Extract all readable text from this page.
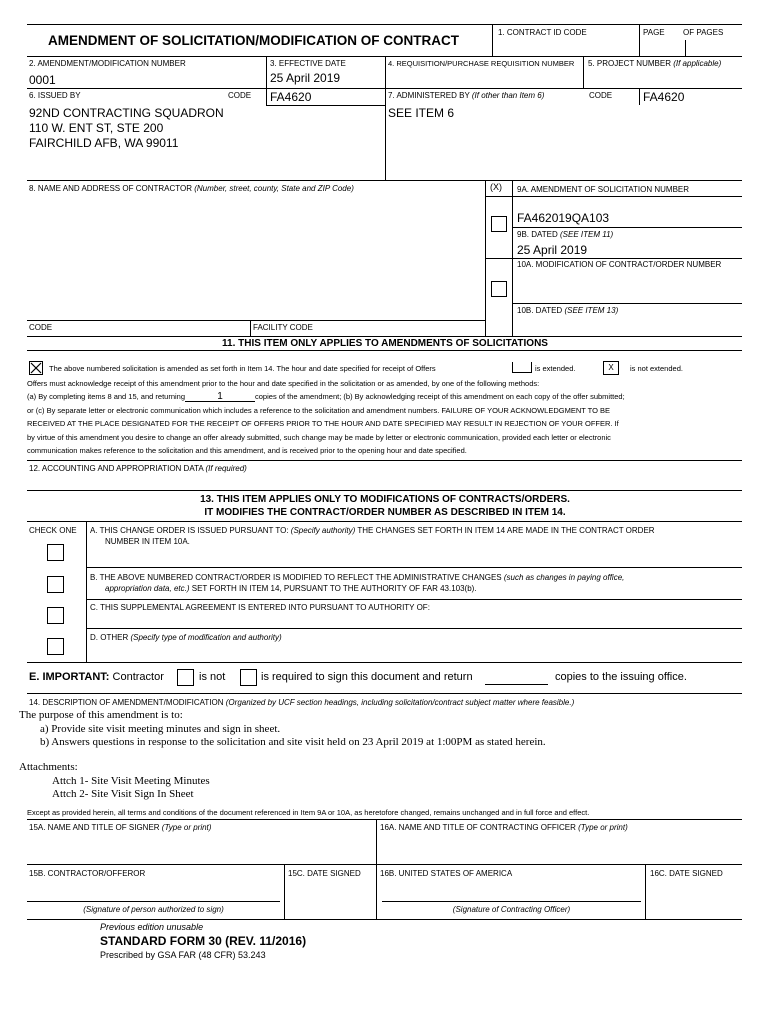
AMENDMENT OF SOLICITATION/MODIFICATION OF CONTRACT
1. CONTRACT ID CODE	PAGE OF PAGES
2. AMENDMENT/MODIFICATION NUMBER
0001
3. EFFECTIVE DATE
25 April 2019
4. REQUISITION/PURCHASE REQUISITION NUMBER 5. PROJECT NUMBER (If applicable)
6. ISSUED BY	CODE FA4620	7. ADMINISTERED BY (If other than Item 6)	CODE	FA4620
92ND CONTRACTING SQUADRON
110 W. ENT ST, STE 200
FAIRCHILD AFB, WA 99011
SEE ITEM 6
8. NAME AND ADDRESS OF CONTRACTOR (Number, street, county, State and ZIP Code)	(X) 9A. AMENDMENT OF SOLICITATION NUMBER
FA462019QA103
9B. DATED (SEE ITEM 11)
25 April 2019
10A. MODIFICATION OF CONTRACT/ORDER NUMBER
10B. DATED (SEE ITEM 13)
CODE	FACILITY CODE
11. THIS ITEM ONLY APPLIES TO AMENDMENTS OF SOLICITATIONS
The above numbered solicitation is amended as set forth in Item 14. The hour and date specified for receipt of Offers	is extended.	X	is not extended.
Offers must acknowledge receipt of this amendment prior to the hour and date specified in the solicitation or as amended, by one of the following methods:
(a) By completing items 8 and 15, and returning	1	copies of the amendment; (b) By acknowledging receipt of this amendment on each copy of the offer submitted;
or (c) By separate letter or electronic communication which includes a reference to the solicitation and amendment numbers. FAILURE OF YOUR ACKNOWLEDGMENT TO BE
RECEIVED AT THE PLACE DESIGNATED FOR THE RECEIPT OF OFFERS PRIOR TO THE HOUR AND DATE SPECIFIED MAY RESULT IN REJECTION OF YOUR OFFER. If
by virtue of this amendment you desire to change an offer already submitted, such change may be made by letter or electronic communication, provided each letter or electronic
communication makes reference to the solicitation and this amendment, and is received prior to the opening hour and date specified.
12. ACCOUNTING AND APPROPRIATION DATA (If required)
13. THIS ITEM APPLIES ONLY TO MODIFICATIONS OF CONTRACTS/ORDERS.
IT MODIFIES THE CONTRACT/ORDER NUMBER AS DESCRIBED IN ITEM 14.
CHECK ONE A. THIS CHANGE ORDER IS ISSUED PURSUANT TO: (Specify authority) THE CHANGES SET FORTH IN ITEM 14 ARE MADE IN THE CONTRACT ORDER
NUMBER IN ITEM 10A.
B. THE ABOVE NUMBERED CONTRACT/ORDER IS MODIFIED TO REFLECT THE ADMINISTRATIVE CHANGES (such as changes in paying office,
appropriation data, etc.) SET FORTH IN ITEM 14, PURSUANT TO THE AUTHORITY OF FAR 43.103(b).
C. THIS SUPPLEMENTAL AGREEMENT IS ENTERED INTO PURSUANT TO AUTHORITY OF:
D. OTHER (Specify type of modification and authority)
E. IMPORTANT: Contractor	is not	is required to sign this document and return	copies to the issuing office.
14. DESCRIPTION OF AMENDMENT/MODIFICATION (Organized by UCF section headings, including solicitation/contract subject matter where feasible.)
The purpose of this amendment is to:
a) Provide site visit meeting minutes and sign in sheet.
b) Answers questions in response to the solicitation and site visit held on 23 April 2019 at 1:00PM as stated herein.
Attachments:
Attch 1- Site Visit Meeting Minutes
Attch 2- Site Visit Sign In Sheet
Except as provided herein, all terms and conditions of the document referenced in Item 9A or 10A, as heretofore changed, remains unchanged and in full force and effect.
15A. NAME AND TITLE OF SIGNER (Type or print)	16A. NAME AND TITLE OF CONTRACTING OFFICER (Type or print)
15B. CONTRACTOR/OFFEROR	15C. DATE SIGNED 16B. UNITED STATES OF AMERICA	16C. DATE SIGNED
(Signature of person authorized to sign)	(Signature of Contracting Officer)
Previous edition unusable
STANDARD FORM 30 (REV. 11/2016)
Prescribed by GSA FAR (48 CFR) 53.243
